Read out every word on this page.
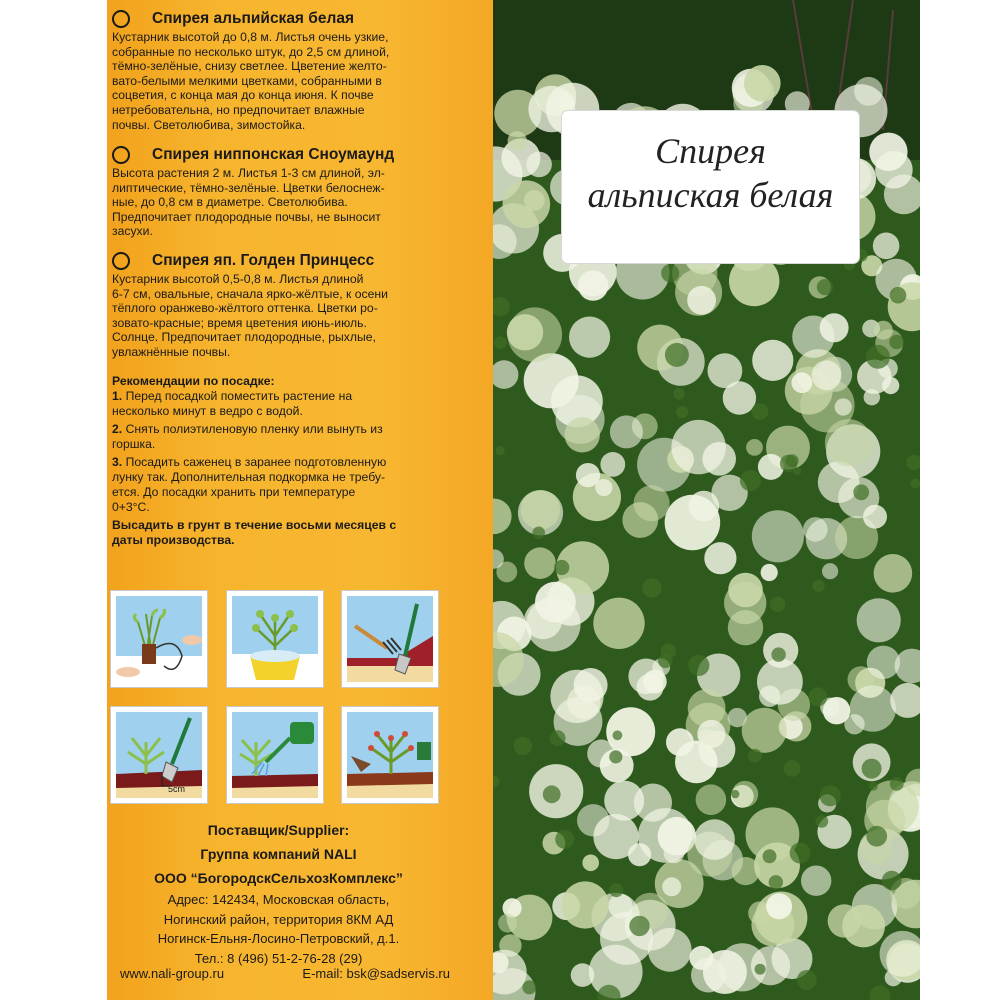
Спирея альпийская белая
Кустарник высотой до 0,8 м. Листья очень узкие,
собранные по несколько штук, до 2,5 см длиной,
тёмно-зелёные, снизу светлее. Цветение желто-
вато-белыми мелкими цветками, собранными в
соцветия, с конца мая до конца июня. К почве
нетребовательна, но предпочитает влажные
почвы. Светолюбива, зимостойка.
Спирея ниппонская Сноумаунд
Высота растения 2 м. Листья 1-3 см длиной, эл-
липтические, тёмно-зелёные. Цветки белоснеж-
ные, до 0,8 см в диаметре. Светолюбива.
Предпочитает плодородные почвы, не выносит
засухи.
Спирея яп. Голден Принцесс
Кустарник высотой 0,5-0,8 м. Листья длиной
6-7 см, овальные, сначала ярко-жёлтые, к осени
тёплого оранжево-жёлтого оттенка. Цветки ро-
зовато-красные; время цветения июнь-июль.
Солнце. Предпочитает плодородные, рыхлые,
увлажнённые почвы.
Рекомендации по посадке:
1. Перед посадкой поместить растение на
несколько минут в ведро с водой.
2. Снять полиэтиленовую пленку или вынуть из
горшка.
3. Посадить саженец в заранее подготовленную
лунку так. Дополнительная подкормка не требу-
ется. До посадки хранить при температуре
0+3°С.
Высадить в грунт в течение восьми месяцев с
даты производства.
5cm
Поставщик/Supplier:
Группа компаний NALI
ООО “БогородскСельхозКомплекс”
Адрес: 142434, Московская область,
Ногинский район, территория 8КМ АД
Ногинск-Ельня-Лосино-Петровский, д.1.
Тел.: 8 (496) 51-2-76-28 (29)
www.nali-group.ru	E-mail: bsk@sadservis.ru
Спирея
альпиская белая
